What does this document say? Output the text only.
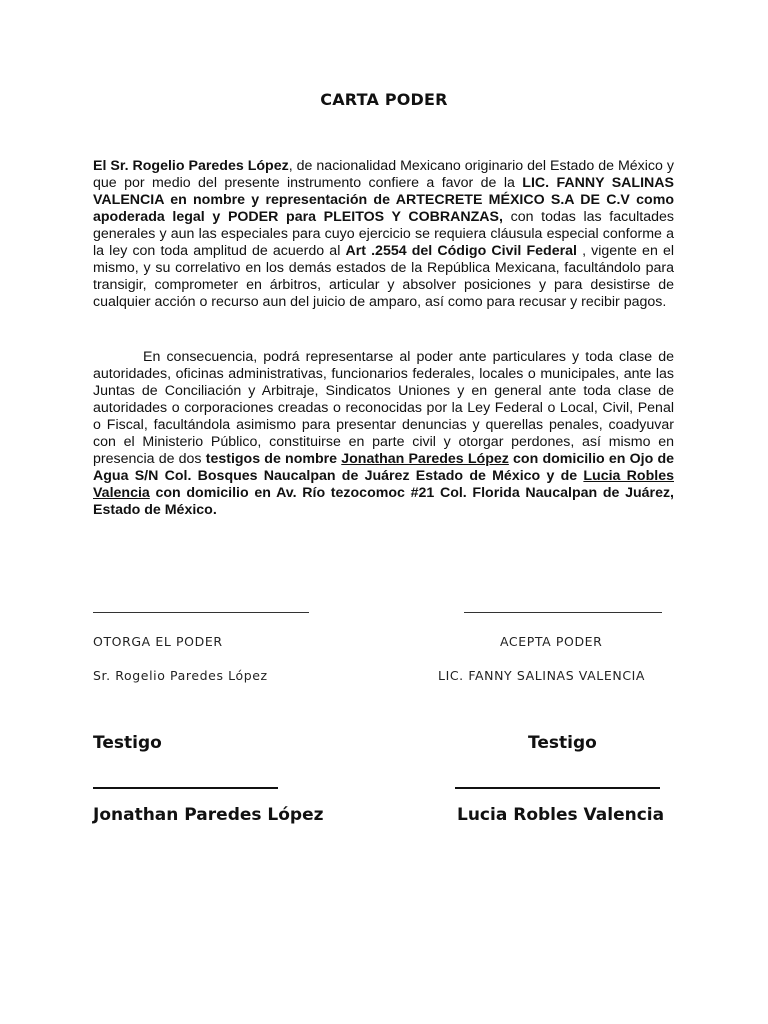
CARTA PODER

El Sr. Rogelio Paredes López, de nacionalidad Mexicano originario del Estado de México y que por medio del presente instrumento confiere a favor de la LIC. FANNY SALINAS VALENCIA en nombre y representación de ARTECRETE MÉXICO S.A DE C.V como apoderada legal y PODER para PLEITOS Y COBRANZAS, con todas las facultades generales y aun las especiales para cuyo ejercicio se requiera cláusula especial conforme a la ley con toda amplitud de acuerdo al Art .2554 del Código Civil Federal , vigente en el mismo, y su correlativo en los demás estados de la República Mexicana, facultándolo para transigir, comprometer en árbitros, articular y absolver posiciones y para desistirse de cualquier acción o recurso aun del juicio de amparo, así como para recusar y recibir pagos.

En consecuencia, podrá representarse al poder ante particulares y toda clase de autoridades, oficinas administrativas, funcionarios federales, locales o municipales, ante las Juntas de Conciliación y Arbitraje, Sindicatos Uniones y en general ante toda clase de autoridades o corporaciones creadas o reconocidas por la Ley Federal o Local, Civil, Penal o Fiscal, facultándola asimismo para presentar denuncias y querellas penales, coadyuvar con el Ministerio Público, constituirse en parte civil y otorgar perdones, así mismo en presencia de dos testigos de nombre Jonathan Paredes López con domicilio en Ojo de Agua S/N Col. Bosques Naucalpan de Juárez Estado de México y de Lucia Robles Valencia con domicilio en Av. Río tezocomoc #21 Col. Florida Naucalpan de Juárez, Estado de México.

OTORGA EL PODER
Sr. Rogelio Paredes López
ACEPTA PODER
LIC. FANNY SALINAS VALENCIA
Testigo	Testigo
Jonathan Paredes López	Lucia Robles Valencia
